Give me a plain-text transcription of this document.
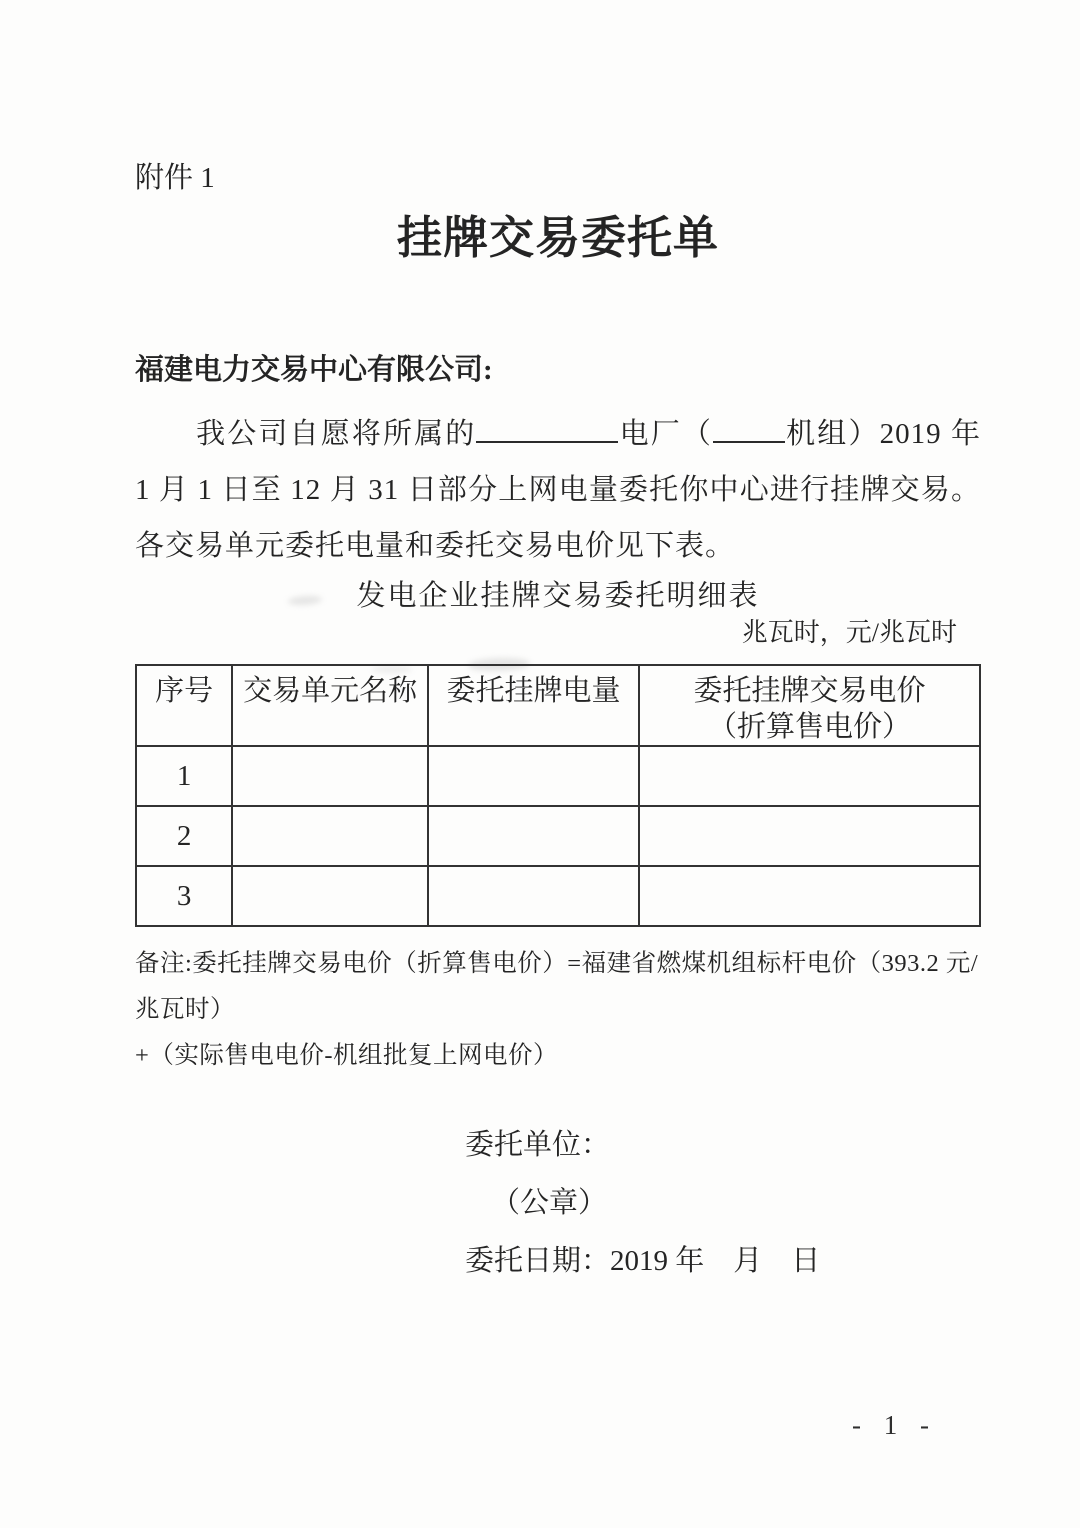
附件 1
挂牌交易委托单
福建电力交易中心有限公司:

我公司自愿将所属的	电厂（ 机组）2019 年 1 月 1 日至 12 月 31 日部分上网电量委托你中心进行挂牌交易。各交易单元委托电量和委托交易电价见下表。

发电企业挂牌交易委托明细表
兆瓦时，元/兆瓦时
序号	交易单元名称	委托挂牌电量	委托挂牌交易电价
（折算售电价）

1			
2			
3			
备注:委托挂牌交易电价（折算售电价）=福建省燃煤机组标杆电价（393.2 元/兆瓦时）
+（实际售电电价-机组批复上网电价）
委托单位：
（公章）
委托日期：2019 年　月　日
- 1 -
